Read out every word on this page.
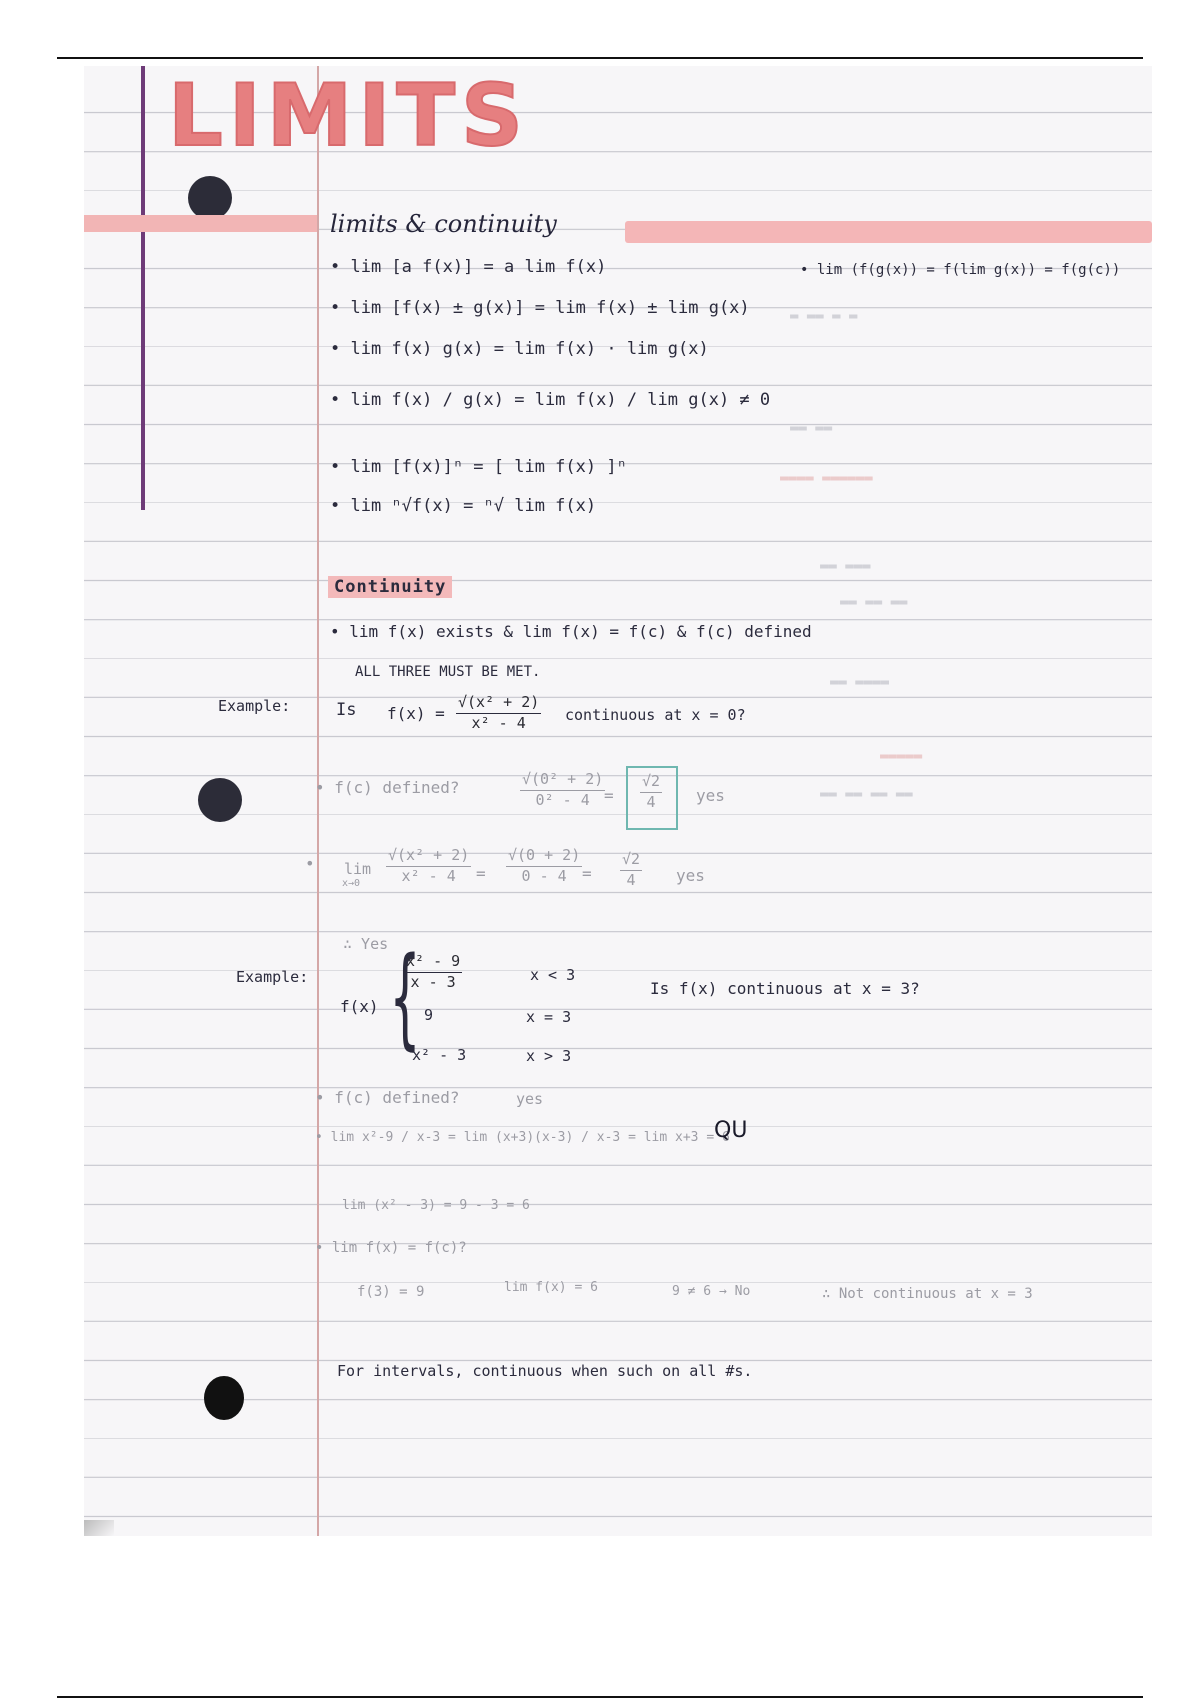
LIMITS
limits & continuity
• lim [a f(x)] = a lim f(x)
• lim [f(x) ± g(x)] = lim f(x) ± lim g(x)
• lim f(x) g(x) = lim f(x) · lim g(x)
• lim f(x) / g(x) = lim f(x) / lim g(x) ≠ 0
• lim [f(x)]ⁿ = [ lim f(x) ]ⁿ
• lim ⁿ√f(x) = ⁿ√ lim f(x)
• lim (f(g(x)) = f(lim g(x)) = f(g(c))
▬ ▬▬ ▬ ▬
▬▬ ▬▬
▬▬▬▬ ▬▬▬▬▬▬
▬▬ ▬▬▬
▬▬ ▬▬ ▬▬
▬▬ ▬▬▬▬
▬▬▬▬▬
▬▬ ▬▬ ▬▬ ▬▬
Continuity
• lim f(x) exists & lim f(x) = f(c) & f(c) defined
ALL THREE MUST BE MET.
Example:	Is $f(x) = \frac{\text{√(x² + 2)}}{\text{x² - 4}}$ continuous at x = 0?
• f(c) defined?	$\frac{\text{√(0² + 2)}}{\text{0² - 4}}$
= $\frac{√2}{4}$ yes
• lim
$x\to 0 \frac{\text{√(x² + 2)}}{\text{x² - 4}} = \frac{√(0 + 2)}{0 - 4} = \frac{√2}{4}$ yes
∴ Yes
Example:
f(x) {
$\frac{\text{x² - 9}}{x - 3}$	x < 3
9	x = 3
x² - 3	x > 3
Is f(x) continuous at x = 3?
• f(c) defined?	yes
• lim x²-9 / x-3 = lim (x+3)(x-3) / x-3 = lim x+3 = 6
QU
lim (x² - 3) = 9 - 3 = 6
• lim f(x) = f(c)?
f(3) = 9	lim f(x) = 6	9 ≠ 6 → No	∴ Not continuous at x = 3
For intervals, continuous when such on all #s.
